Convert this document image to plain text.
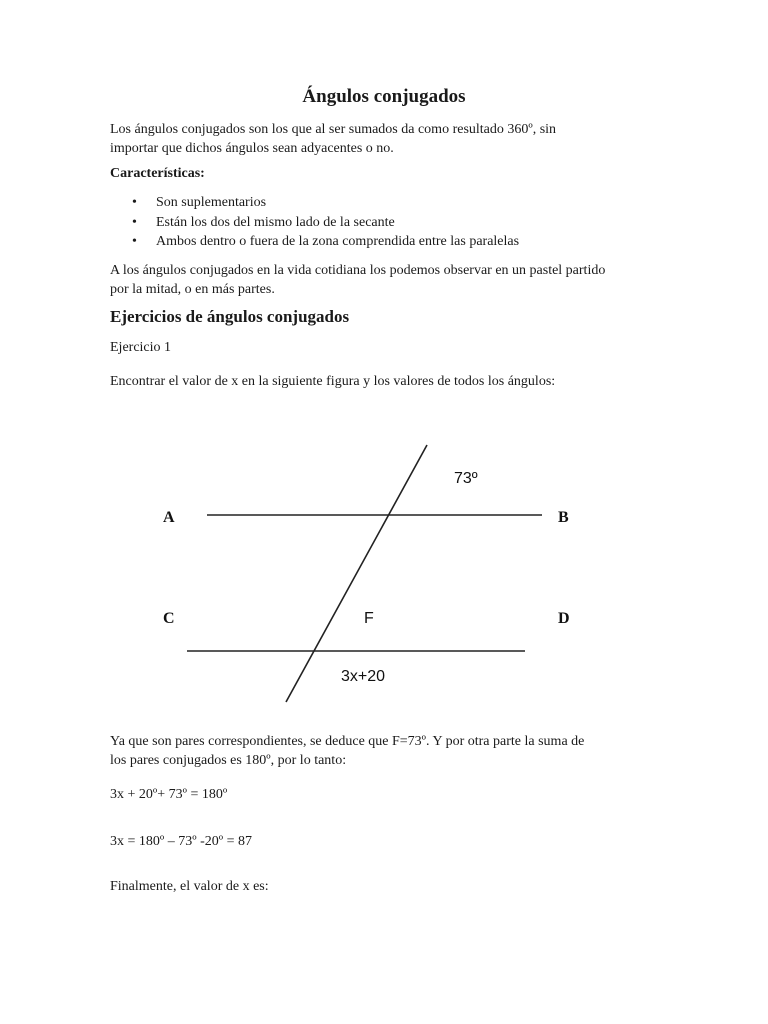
Ángulos conjugados

Los ángulos conjugados son los que al ser sumados da como resultado 360º, sin

importar que dichos ángulos sean adyacentes o no.

Características:

• Son suplementarios
• Están los dos del mismo lado de la secante
• Ambos dentro o fuera de la zona comprendida entre las paralelas

A los ángulos conjugados en la vida cotidiana los podemos observar en un pastel partido

por la mitad, o en más partes.

Ejercicios de ángulos conjugados

Ejercicio 1

Encontrar el valor de x en la siguiente figura y los valores de todos los ángulos:

Ya que son pares correspondientes, se deduce que F=73º. Y por otra parte la suma de

los pares conjugados es 180º, por lo tanto:

3x + 20º+ 73º = 180º

3x = 180º – 73º -20º = 87

Finalmente, el valor de x es:

A	B
C	D
73º
F
3x+20
